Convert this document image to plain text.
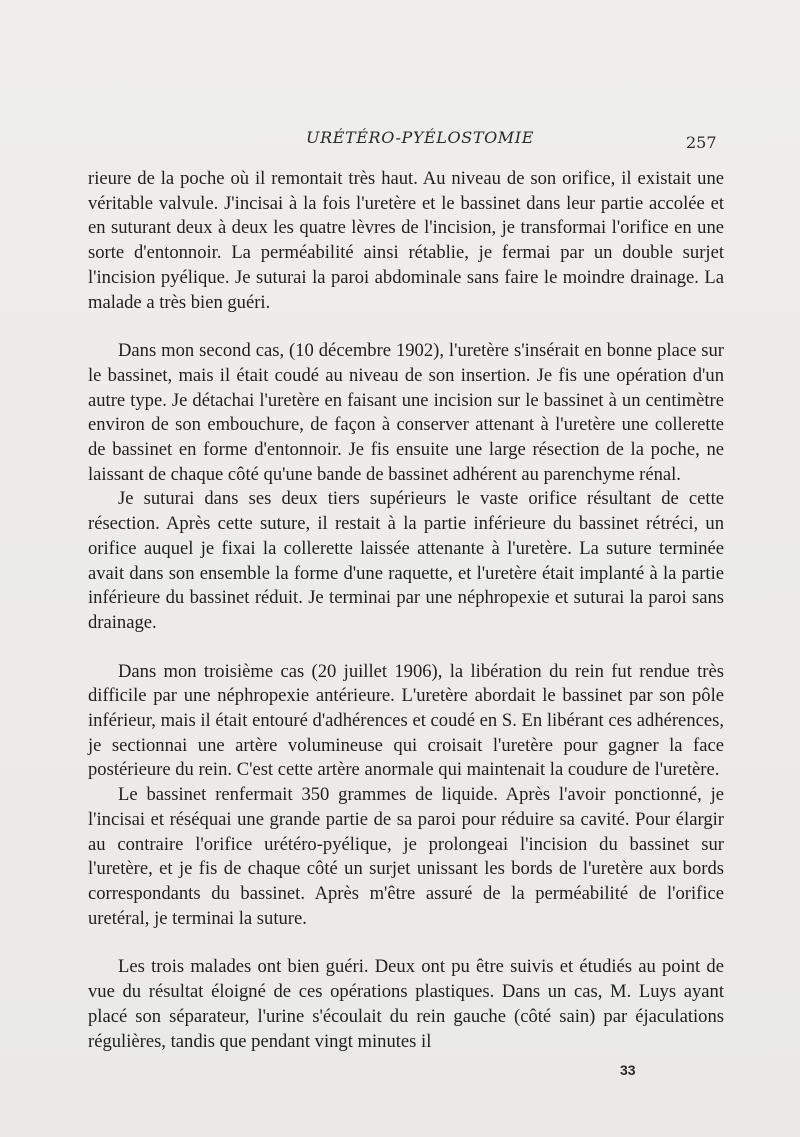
URÉTÉRO-PYÉLOSTOMIE	257

rieure de la poche où il remontait très haut. Au niveau de son orifice, il existait une véritable valvule. J'incisai à la fois l'uretère et le bassinet dans leur partie accolée et en suturant deux à deux les quatre lèvres de l'incision, je transformai l'orifice en une sorte d'entonnoir. La perméabilité ainsi rétablie, je fermai par un double surjet l'incision pyélique. Je suturai la paroi abdominale sans faire le moindre drainage. La malade a très bien guéri.

Dans mon second cas, (10 décembre 1902), l'uretère s'insérait en bonne place sur le bassinet, mais il était coudé au niveau de son insertion. Je fis une opération d'un autre type. Je détachai l'uretère en faisant une incision sur le bassinet à un centimètre environ de son embouchure, de façon à conserver attenant à l'uretère une collerette de bassinet en forme d'entonnoir. Je fis ensuite une large résection de la poche, ne laissant de chaque côté qu'une bande de bassinet adhérent au parenchyme rénal.

Je suturai dans ses deux tiers supérieurs le vaste orifice résultant de cette résection. Après cette suture, il restait à la partie inférieure du bassinet rétréci, un orifice auquel je fixai la collerette laissée attenante à l'uretère. La suture terminée avait dans son ensemble la forme d'une raquette, et l'uretère était implanté à la partie inférieure du bassinet réduit. Je terminai par une néphropexie et suturai la paroi sans drainage.

Dans mon troisième cas (20 juillet 1906), la libération du rein fut rendue très difficile par une néphropexie antérieure. L'uretère abordait le bassinet par son pôle inférieur, mais il était entouré d'adhérences et coudé en S. En libérant ces adhérences, je sectionnai une artère volumineuse qui croisait l'uretère pour gagner la face postérieure du rein. C'est cette artère anormale qui maintenait la coudure de l'uretère.

Le bassinet renfermait 350 grammes de liquide. Après l'avoir ponctionné, je l'incisai et réséquai une grande partie de sa paroi pour réduire sa cavité. Pour élargir au contraire l'orifice urétéro-pyélique, je prolongeai l'incision du bassinet sur l'uretère, et je fis de chaque côté un surjet unissant les bords de l'uretère aux bords correspondants du bassinet. Après m'être assuré de la perméabilité de l'orifice uretéral, je terminai la suture.

Les trois malades ont bien guéri. Deux ont pu être suivis et étudiés au point de vue du résultat éloigné de ces opérations plastiques. Dans un cas, M. Luys ayant placé son séparateur, l'urine s'écoulait du rein gauche (côté sain) par éjaculations régulières, tandis que pendant vingt minutes il

33
